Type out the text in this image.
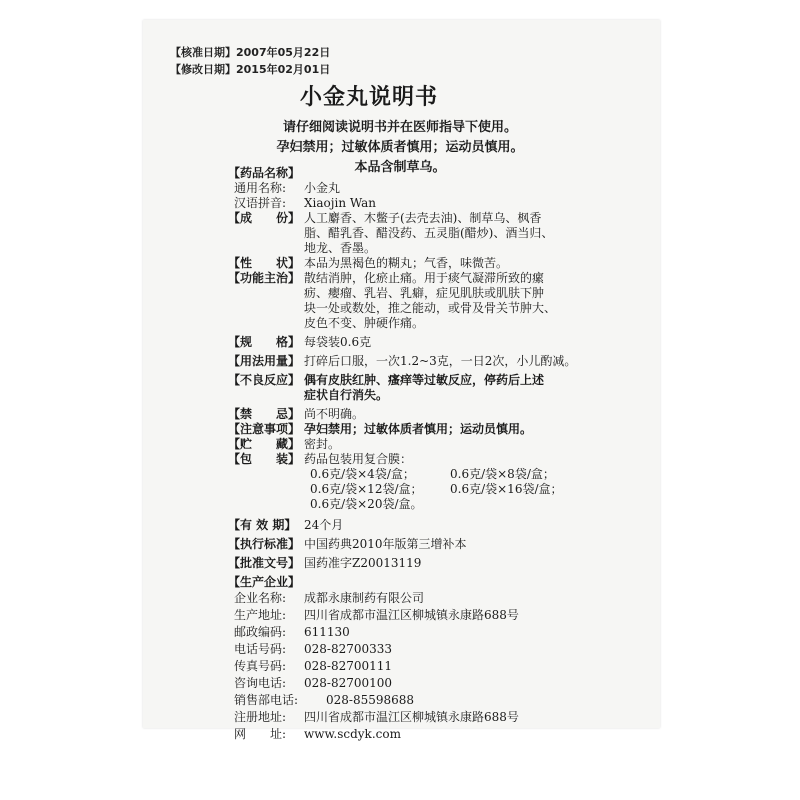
【核准日期】2007年05月22日
【修改日期】2015年02月01日
小金丸说明书
请仔细阅读说明书并在医师指导下使用。
孕妇禁用；过敏体质者慎用；运动员慎用。
本品含制草乌。
【药品名称】
通用名称:	小金丸
汉语拼音:	Xiaojin Wan
【成　　份】 人工麝香、木鳖子(去壳去油)、制草乌、枫香
脂、醋乳香、醋没药、五灵脂(醋炒)、酒当归、
地龙、香墨。
【性　　状】 本品为黑褐色的糊丸；气香，味微苦。
【功能主治】 散结消肿，化瘀止痛。用于痰气凝滞所致的瘰
疬、瘿瘤、乳岩、乳癖，症见肌肤或肌肤下肿
块一处或数处，推之能动，或骨及骨关节肿大、
皮色不变、肿硬作痛。
【规　　格】 每袋装0.6克
【用法用量】 打碎后口服，一次1.2~3克，一日2次，小儿酌减。
【不良反应】 偶有皮肤红肿、瘙痒等过敏反应，停药后上述
症状自行消失。
【禁　　忌】 尚不明确。
【注意事项】 孕妇禁用；过敏体质者慎用；运动员慎用。
【贮　　藏】 密封。
【包　　装】 药品包装用复合膜：
0.6克/袋×4袋/盒；	0.6克/袋×8袋/盒；
0.6克/袋×12袋/盒；	0.6克/袋×16袋/盒；
0.6克/袋×20袋/盒。
【有 效 期】 24个月
【执行标准】 中国药典2010年版第三增补本
【批准文号】 国药准字Z20013119
【生产企业】
企业名称:	成都永康制药有限公司
生产地址:	四川省成都市温江区柳城镇永康路688号
邮政编码:	611130
电话号码:	028-82700333
传真号码:	028-82700111
咨询电话:	028-82700100
销售部电话:	028-85598688
注册地址:	四川省成都市温江区柳城镇永康路688号
网　　址:	www.scdyk.com
